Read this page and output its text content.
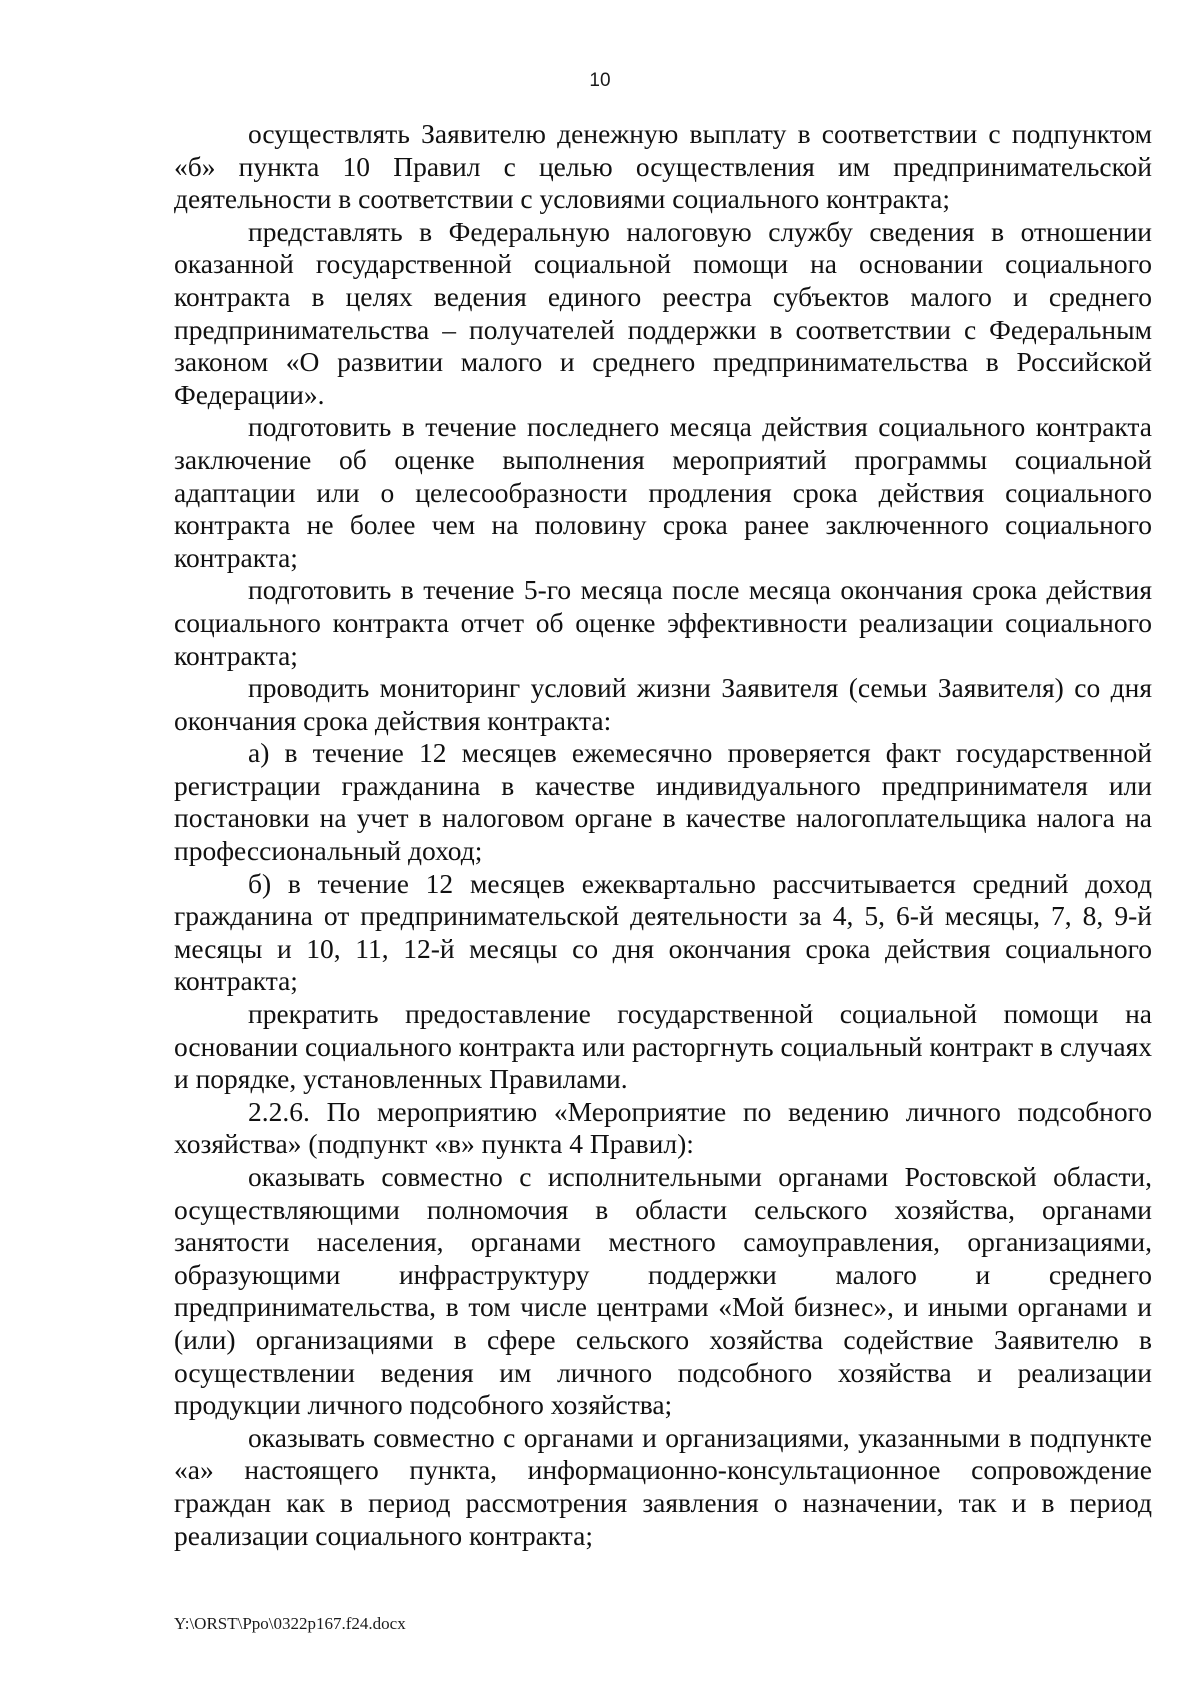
10

осуществлять Заявителю денежную выплату в соответствии с подпунктом «б» пункта 10 Правил с целью осуществления им предпринимательской деятельности в соответствии с условиями социального контракта;

представлять в Федеральную налоговую службу сведения в отношении оказанной государственной социальной помощи на основании социального контракта в целях ведения единого реестра субъектов малого и среднего предпринимательства – получателей поддержки в соответствии с Федеральным законом «О развитии малого и среднего предпринимательства в Российской Федерации».

подготовить в течение последнего месяца действия социального контракта заключение об оценке выполнения мероприятий программы социальной адаптации или о целесообразности продления срока действия социального контракта не более чем на половину срока ранее заключенного социального контракта;

подготовить в течение 5-го месяца после месяца окончания срока действия социального контракта отчет об оценке эффективности реализации социального контракта;

проводить мониторинг условий жизни Заявителя (семьи Заявителя) со дня окончания срока действия контракта:

а) в течение 12 месяцев ежемесячно проверяется факт государственной регистрации гражданина в качестве индивидуального предпринимателя или постановки на учет в налоговом органе в качестве налогоплательщика налога на профессиональный доход;

б) в течение 12 месяцев ежеквартально рассчитывается средний доход гражданина от предпринимательской деятельности за 4, 5, 6-й месяцы, 7, 8, 9-й месяцы и 10, 11, 12-й месяцы со дня окончания срока действия социального контракта;

прекратить предоставление государственной социальной помощи на основании социального контракта или расторгнуть социальный контракт в случаях и порядке, установленных Правилами.

2.2.6. По мероприятию «Мероприятие по ведению личного подсобного хозяйства» (подпункт «в» пункта 4 Правил):

оказывать совместно с исполнительными органами Ростовской области, осуществляющими полномочия в области сельского хозяйства, органами занятости населения, органами местного самоуправления, организациями, образующими инфраструктуру поддержки малого и среднего предпринимательства, в том числе центрами «Мой бизнес», и иными органами и (или) организациями в сфере сельского хозяйства содействие Заявителю в осуществлении ведения им личного подсобного хозяйства и реализации продукции личного подсобного хозяйства;

оказывать совместно с органами и организациями, указанными в подпункте «а» настоящего пункта, информационно-консультационное сопровождение граждан как в период рассмотрения заявления о назначении, так и в период реализации социального контракта;

Y:\ORST\Ppo\0322p167.f24.docx
